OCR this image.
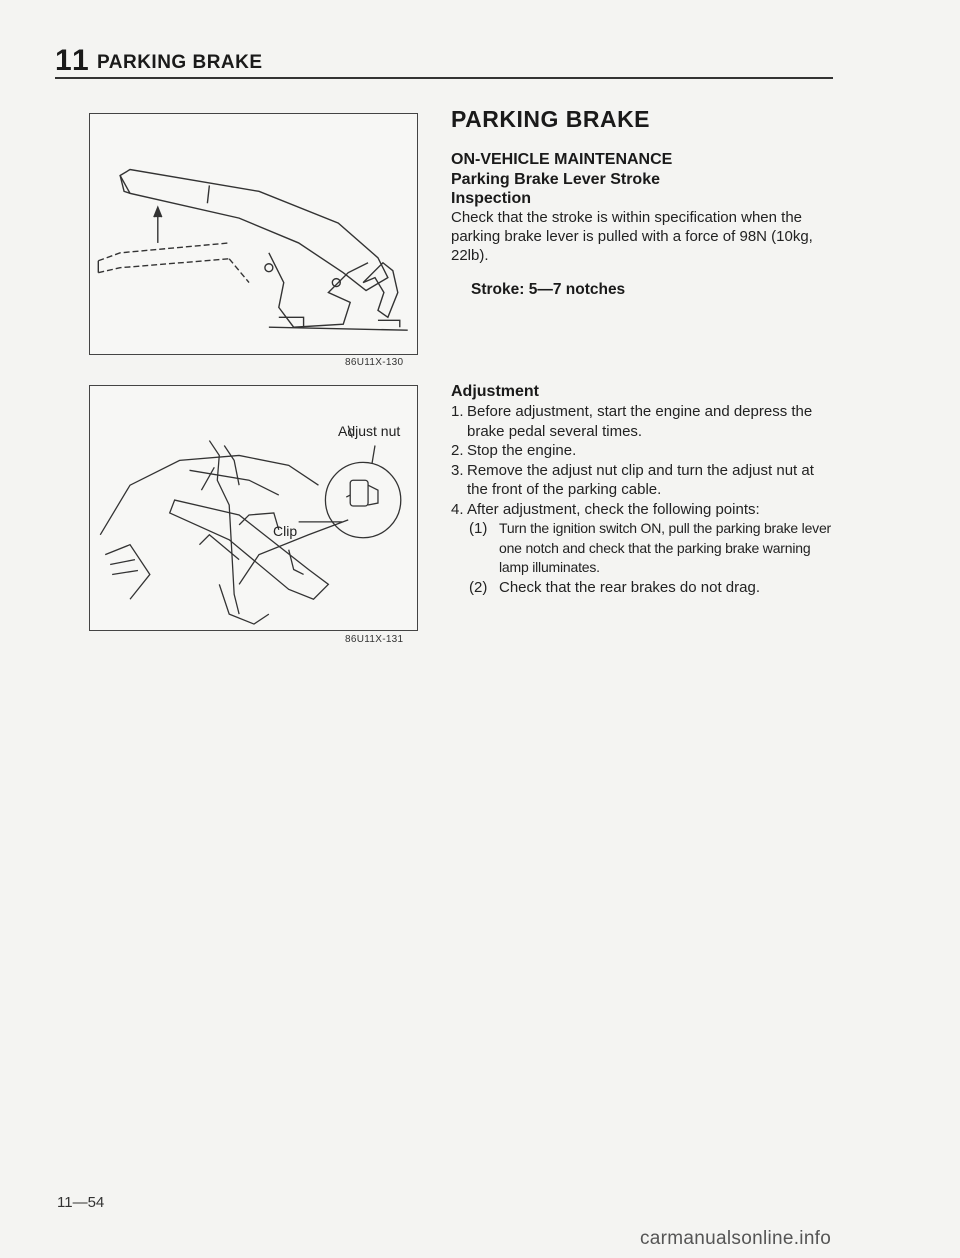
11 PARKING BRAKE
86U11X-130
Adjust nut
Clip
86U11X-131
PARKING BRAKE
ON-VEHICLE MAINTENANCE
Parking Brake Lever Stroke
Inspection
Check that the stroke is within specification when the parking brake lever is pulled with a force of 98N (10kg, 22lb).
Stroke: 5—7 notches
Adjustment
1. Before adjustment, start the engine and depress the brake pedal several times.
2. Stop the engine.
3. Remove the adjust nut clip and turn the adjust nut at the front of the parking cable.
4. After adjustment, check the following points:
(1) Turn the ignition switch ON, pull the parking brake lever one notch and check that the parking brake warning lamp illuminates.
(2) Check that the rear brakes do not drag.
11—54
carmanualsonline.info
